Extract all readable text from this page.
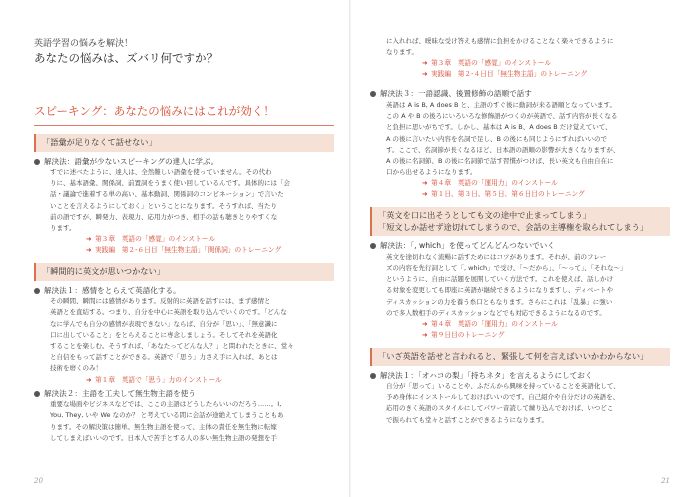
英語学習の悩みを解決！
あなたの悩みは、ズバリ何ですか？
スピーキング：あなたの悩みにはこれが効く！
「語彙が足りなくて話せない」
解決法：語彙が少ないスピーキングの達人に学ぶ。
すでに述べたように、達人は、全然難しい語彙を使っていません。その代わ
りに、基本語彙、関係詞、前置詞をうまく使い回しているんです。具体的には「会
話・議論で進着する単の高い、基本動詞、関係詞のコンビネーション」で言いた
いことを言えるようにしておく」ということになります。そうすれば、当たり
前の語ですが、瞬発力、表現力、応用力がつき、相手の話も聴きとりやすくな
ります。
➜ 第３章　英語の「感覚」のインストール
➜ 実践編　第２-６日目「無生物主語」「関係詞」のトレーニング
「瞬間的に英文が思いつかない」
解決法１：感情をとらえて英語化する。
その瞬間、瞬間には感情があります。反射的に英語を話すには、まず感情と
英語とを直結する。つまり、自分を中心に英語を取り込んでいくのです。「どんな
なに学んでも自分の感情が表現できない」ならば、自分が「思い」、「無意識に
口に出していること」をとらえることに専念しましょう。そしてそれを英語化
することを楽しむ。そうすれば、「あなたってどんな人？」と問われたときに、堂々
と自信をもって話すことができる。英語で「思う」力さえ手に入れば、あとは
技術を磨くのみ！
➜ 第１章　英語で「思う」力のインストール
解決法２：主語を工夫して無生物主語を使う
重要な場面やビジネスなどでは、ここの主語はどうしたらいいのだろう……。I,
You, They, いや We なのか？ と考えている間に会話が途絶えてしまうこともあ
ります。その解決策は簡単。無生物主語を使って、主体の責任を無生物に転嫁
してしまえばいいのです。日本人で苦手とする人の多い無生物主語の発想を手
20
に入れれば、曖昧な受け答えも感情に負担をかけることなく楽々できるように
なります。
➜ 第３章　英語の「感覚」のインストール
➜ 実践編　第２-４日目「無生物主語」のトレーニング
解決法３：一語認識、後置修飾の語順で話す
英語は A is B, A does B と、主語のすぐ後に動詞が来る語順となっています。
この A や B の後ろにいろいろな修飾語がつくのが英語で、話す内容が長くなる
と負担に思いがちです。しかし、基本は A is B、A does B だけ覚えていて、
A の後に言いたい内容を名詞で足し、B の後にも同じようにすればいいので
す。ここで、名詞節が長くなるほど、日本語の語順の影響が大きくなりますが、
A の後に名詞節、B の後に名詞節で話す習慣がつけば、長い英文も自由自在に
口から出せるようになります。
➜ 第４章　英語の「運用力」のインストール
➜ 第１日、第３日、第５日、第６日目のトレーニング
「英文を口に出そうとしても文の途中で止まってしまう」
「短文しか話せず途切れてしまうので、会話の主導権を取られてしまう」
解決法：「, which」を使ってどんどんつないでいく
英文を途切れなく流暢に話すためにはコツがあります。それが、前のフレー
ズの内容を先行詞として「, which」で受け、「～だから」、「～って」、「それな～」
というように、自由に話題を展開していく方法です。これを使えば、話しかけ
る対象を変更しても即座に英語が継続できるようになりますし、ディベートや
ディスカッションの力を養う糸口ともなります。さらにこれは「乱暴」に強い
ので多人数相手のディスカッションなどでも対応できるようになるのです。
➜ 第４章　英語の「運用力」のインストール
➜ 第９日目のトレーニング
「いざ英語を話せと言われると、緊張して何を言えばいいかわからない」
解決法１：「オハコの梨」「持ちネタ」を言えるようにしておく
自分が「思って」いることや、ふだんから興味を持っていることを英語化して、
予め身体にインストールしておけばいいのです。自己紹介や自分だけの英語を、
応用のきく英語のスタイルにしてパワー音読して練り込んでおけば、いつどこ
で振られても堂々と話すことができるようになります。
21
